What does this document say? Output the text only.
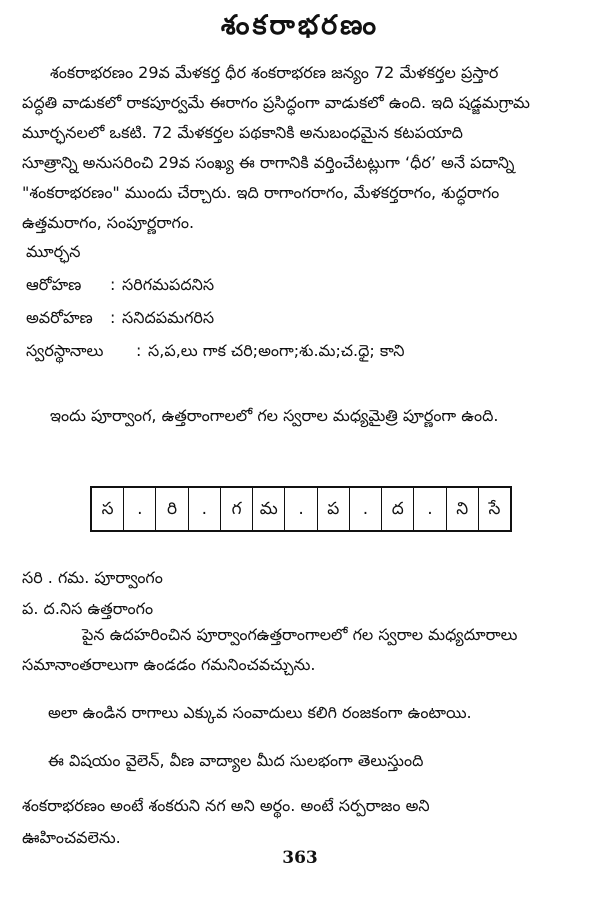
శంకరాభరణం
శంకరాభరణం 29వ మేళకర్త ధీర శంకరాభరణ జన్యం 72 మేళకర్తల ప్రస్తార
పద్ధతి వాడుకలో రాకపూర్వమే ఈరాగం ప్రసిద్ధంగా వాడుకలో ఉంది. ఇది షడ్జమగ్రామ
మూర్ఛనలలో ఒకటి. 72 మేళకర్తల పథకానికి అనుబంధమైన కటపయాది
సూత్రాన్ని అనుసరించి 29వ సంఖ్య ఈ రాగానికి వర్తించేటట్లుగా ‘ధీర’ అనే పదాన్ని
"శంకరాభరణం" ముందు చేర్చారు. ఇది రాగాంగరాగం, మేళకర్తరాగం, శుద్ధరాగం
ఉత్తమరాగం, సంపూర్ణరాగం.
మూర్ఛన
ఆరోహణ : సరిగమపదనిస
అవరోహణ : సనిదపమగరిస
స్వరస్థానాలు : స,ప,లు గాక చరి;అంగా;శు.మ;చ.ధై; కాని
ఇందు పూర్వాంగ, ఉత్తరాంగాలలో గల స్వరాల మధ్యమైత్రి పూర్ణంగా ఉంది.
స	.	రి	.	గ	మ	.	ప	.	ద	.	ని	సే
సరి . గమ. పూర్వాంగం
ప. ద.నిస ఉత్తరాంగం
పైన ఉదహరించిన పూర్వాంగఉత్తరాంగాలలో గల స్వరాల మధ్యదూరాలు
సమానాంతరాలుగా ఉండడం గమనించవచ్చును.
అలా ఉండిన రాగాలు ఎక్కువ సంవాదులు కలిగి రంజకంగా ఉంటాయి.
ఈ విషయం వైలెన్, వీణ వాద్యాల మీద సులభంగా తెలుస్తుంది
శంకరాభరణం అంటే శంకరుని నగ అని అర్థం. అంటే సర్పరాజం అని
ఊహించవలెను.
363
